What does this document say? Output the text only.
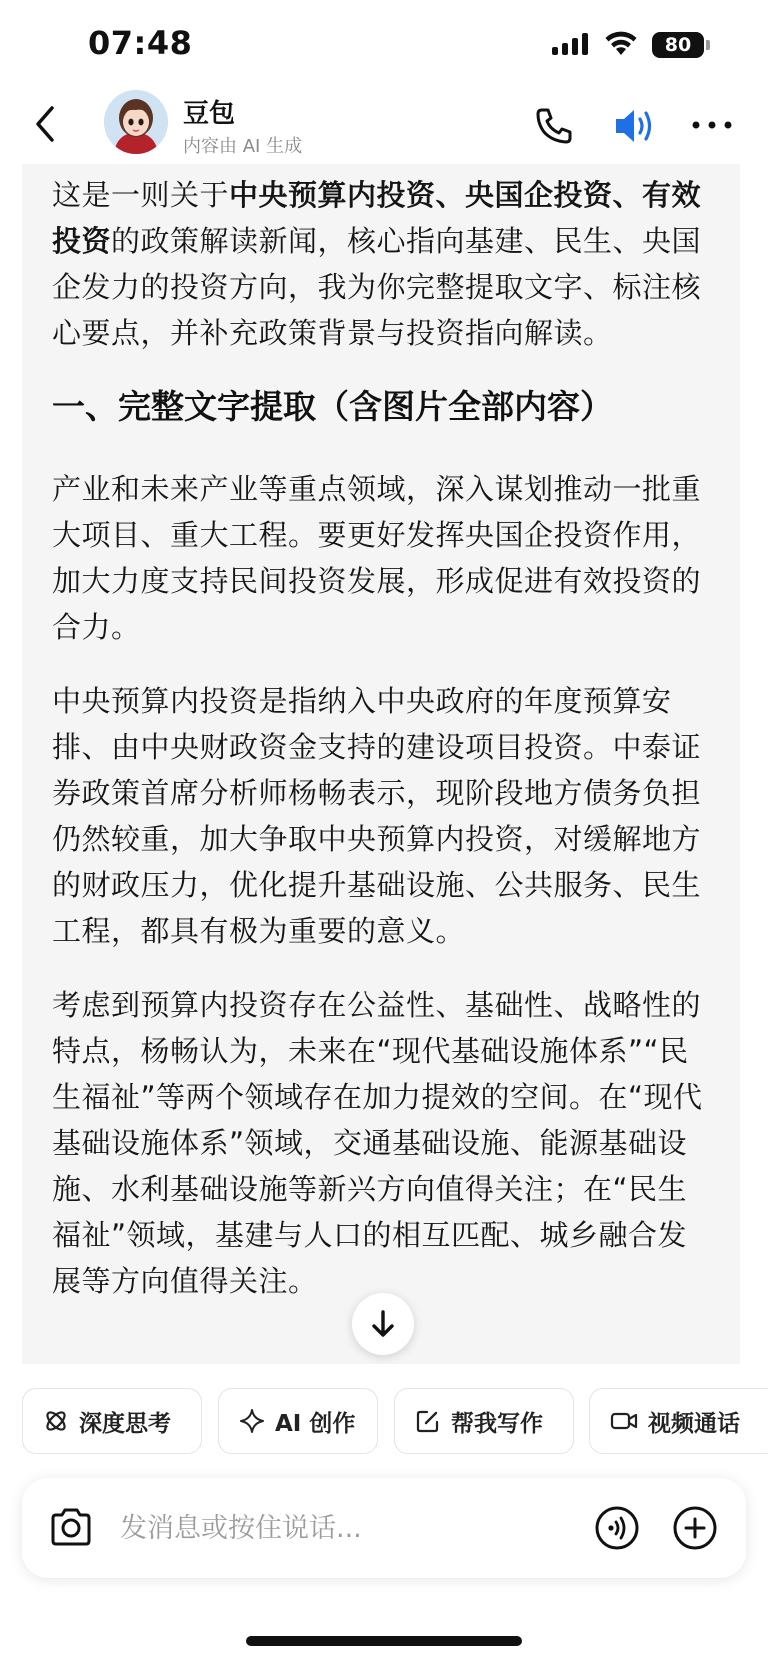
07:48	80
豆包
内容由 AI 生成

这是一则关于中央预算内投资、央国企投资、有效投资的政策解读新闻，核心指向基建、民生、央国企发力的投资方向，我为你完整提取文字、标注核心要点，并补充政策背景与投资指向解读。

一、完整文字提取（含图片全部内容）

产业和未来产业等重点领域，深入谋划推动一批重大项目、重大工程。要更好发挥央国企投资作用，加大力度支持民间投资发展，形成促进有效投资的合力。

中央预算内投资是指纳入中央政府的年度预算安排、由中央财政资金支持的建设项目投资。中泰证券政策首席分析师杨畅表示，现阶段地方债务负担仍然较重，加大争取中央预算内投资，对缓解地方的财政压力，优化提升基础设施、公共服务、民生工程，都具有极为重要的意义。

考虑到预算内投资存在公益性、基础性、战略性的特点，杨畅认为，未来在“现代基础设施体系”“民生福祉”等两个领域存在加力提效的空间。在“现代基础设施体系”领域，交通基础设施、能源基础设施、水利基础设施等新兴方向值得关注；在“民生福祉”领域，基建与人口的相互匹配、城乡融合发展等方向值得关注。

深度思考	AI 创作	帮我写作	视频通话
发消息或按住说话...
